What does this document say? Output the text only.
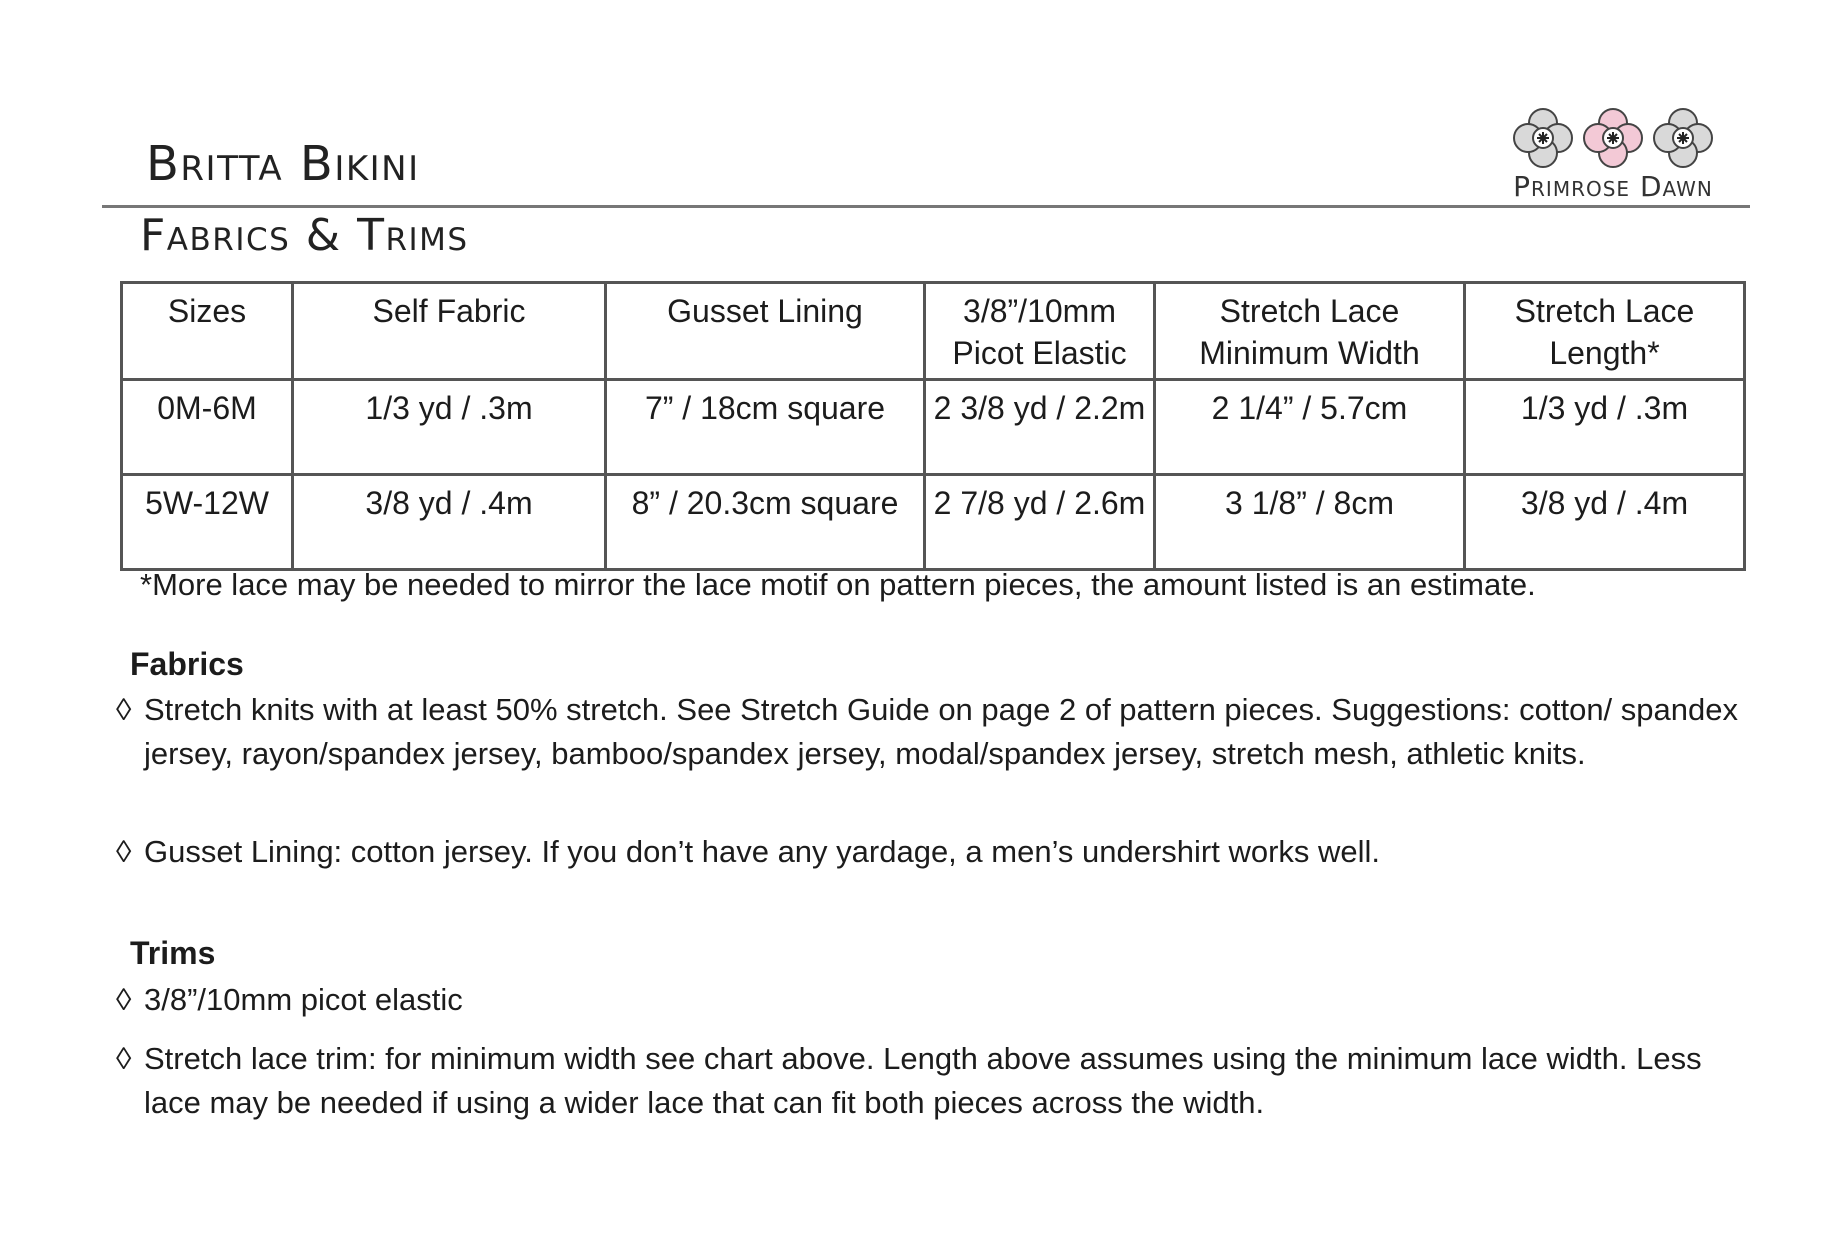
Britta Bikini	Primrose Dawn
Fabrics & Trims
Sizes	Self Fabric	Gusset Lining	3/8”/10mm Picot Elastic	Stretch Lace Minimum Width	Stretch Lace Length*
0M-6M	1/3 yd / .3m	7” / 18cm square	2 3/8 yd / 2.2m	2 1/4” / 5.7cm	1/3 yd / .3m
5W-12W	3/8 yd / .4m	8” / 20.3cm square	2 7/8 yd / 2.6m	3 1/8” / 8cm	3/8 yd / .4m
*More lace may be needed to mirror the lace motif on pattern pieces, the amount listed is an estimate.
Fabrics
◊ Stretch knits with at least 50% stretch. See Stretch Guide on page 2 of pattern pieces. Suggestions: cotton/ spandex jersey, rayon/spandex jersey, bamboo/spandex jersey, modal/spandex jersey, stretch mesh, athletic knits.
◊ Gusset Lining: cotton jersey. If you don’t have any yardage, a men’s undershirt works well.
Trims
◊ 3/8”/10mm picot elastic
◊ Stretch lace trim: for minimum width see chart above. Length above assumes using the minimum lace width. Less lace may be needed if using a wider lace that can fit both pieces across the width.
